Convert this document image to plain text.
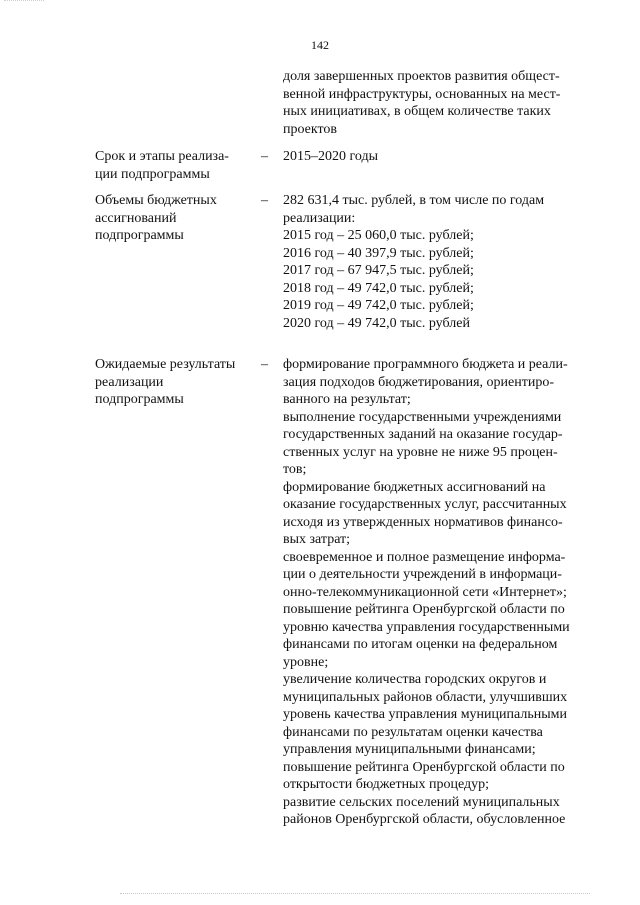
142

доля завершенных проектов развития общест-
венной инфраструктуры, основанных на мест-
ных инициативах, в общем количестве таких
проектов

Срок и этапы реализа-
ции подпрограммы
– 2015–2020 годы

Объемы бюджетных
ассигнований
подпрограммы
– 282 631,4 тыс. рублей, в том числе по годам
реализации:

2015 год – 25 060,0 тыс. рублей;
2016 год – 40 397,9 тыс. рублей;
2017 год – 67 947,5 тыс. рублей;
2018 год – 49 742,0 тыс. рублей;
2019 год – 49 742,0 тыс. рублей;
2020 год – 49 742,0 тыс. рублей
Ожидаемые результаты
реализации
подпрограммы
– формирование программного бюджета и реали-
зация подходов бюджетирования, ориентиро-
ванного на результат;

выполнение государственными учреждениями
государственных заданий на оказание государ-
ственных услуг на уровне не ниже 95 процен-
тов;

формирование бюджетных ассигнований на
оказание государственных услуг, рассчитанных
исходя из утвержденных нормативов финансо-
вых затрат;

своевременное и полное размещение информа-
ции о деятельности учреждений в информаци-
онно-телекоммуникационной сети «Интернет»;

повышение рейтинга Оренбургской области по
уровню качества управления государственными
финансами по итогам оценки на федеральном
уровне;

увеличение количества городских округов и
муниципальных районов области, улучшивших
уровень качества управления муниципальными
финансами по результатам оценки качества
управления муниципальными финансами;

повышение рейтинга Оренбургской области по
открытости бюджетных процедур;

развитие сельских поселений муниципальных
районов Оренбургской области, обусловленное
